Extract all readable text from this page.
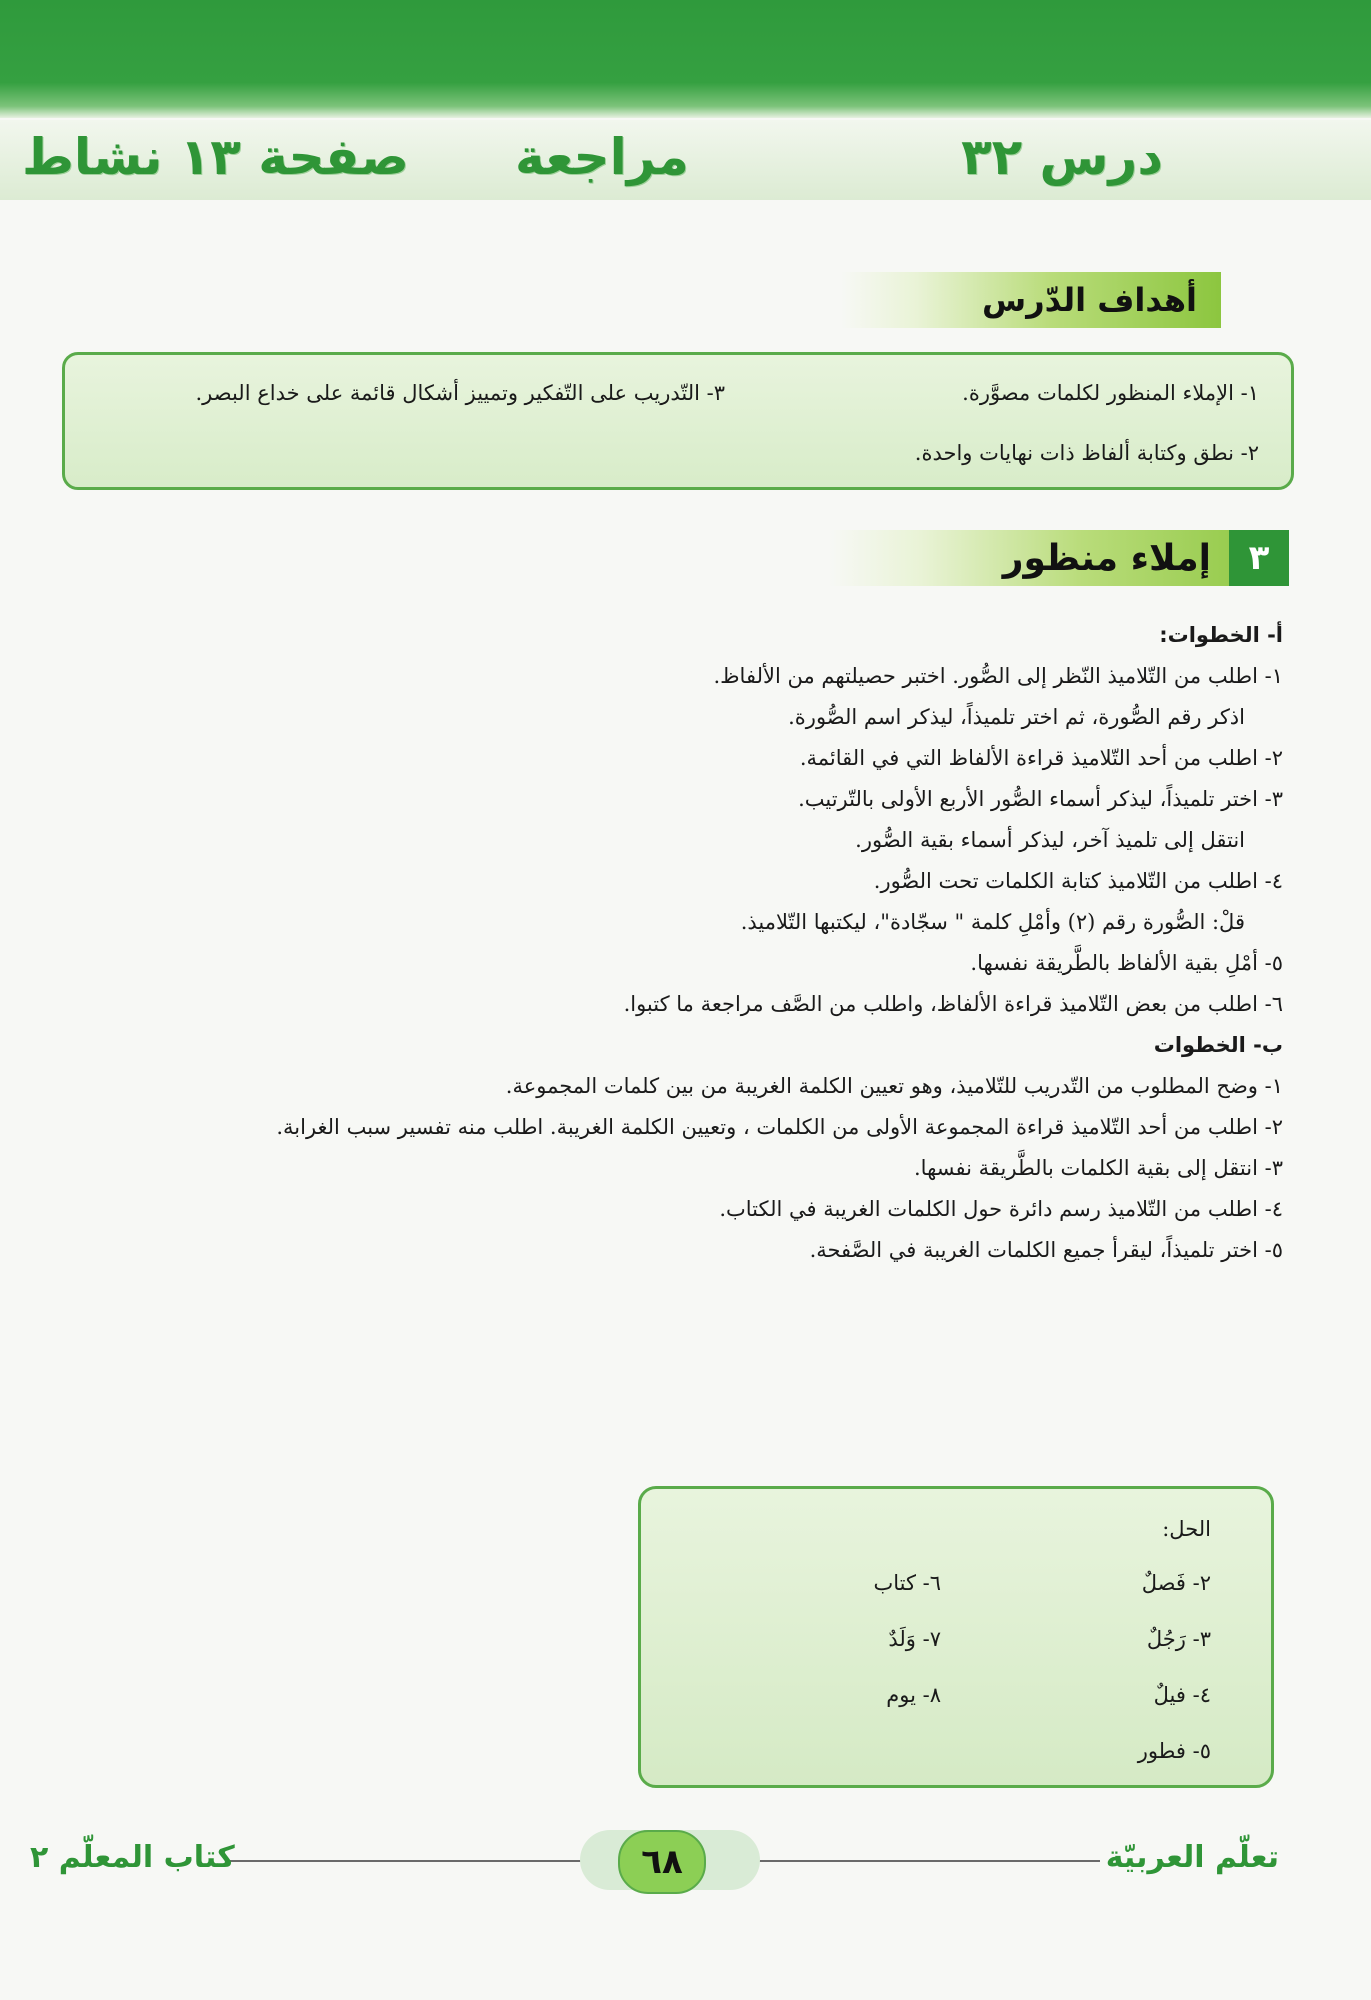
درس ٣٢
مراجعة
صفحة ١٣ نشاط
أهداف الدّرس
١- الإملاء المنظور لكلمات مصوَّرة.
٣- التّدريب على التّفكير وتمييز أشكال قائمة على خداع البصر.
٢- نطق وكتابة ألفاظ ذات نهايات واحدة.
٣
إملاء منظور
أ- الخطوات:
١- اطلب من التّلاميذ النّظر إلى الصُّور. اختبر حصيلتهم من الألفاظ.
اذكر رقم الصُّورة، ثم اختر تلميذاً، ليذكر اسم الصُّورة.
٢- اطلب من أحد التّلاميذ قراءة الألفاظ التي في القائمة.
٣- اختر تلميذاً، ليذكر أسماء الصُّور الأربع الأولى بالتّرتيب.
انتقل إلى تلميذ آخر، ليذكر أسماء بقية الصُّور.
٤- اطلب من التّلاميذ كتابة الكلمات تحت الصُّور.
قلْ: الصُّورة رقم (٢) وأمْلِ كلمة " سجّادة"، ليكتبها التّلاميذ.
٥- أمْلِ بقية الألفاظ بالطَّريقة نفسها.
٦- اطلب من بعض التّلاميذ قراءة الألفاظ، واطلب من الصَّف مراجعة ما كتبوا.
ب- الخطوات
١- وضح المطلوب من التّدريب للتّلاميذ، وهو تعيين الكلمة الغريبة من بين كلمات المجموعة.
٢- اطلب من أحد التّلاميذ قراءة المجموعة الأولى من الكلمات ، وتعيين الكلمة الغريبة. اطلب منه تفسير سبب الغرابة.
٣- انتقل إلى بقية الكلمات بالطَّريقة نفسها.
٤- اطلب من التّلاميذ رسم دائرة حول الكلمات الغريبة في الكتاب.
٥- اختر تلميذاً، ليقرأ جميع الكلمات الغريبة في الصَّفحة.
الحل:
٢- فَصلٌ
٣- رَجُلٌ
٤- فيلٌ
٥- فطور
٦- كتاب
٧- وَلَدٌ
٨- يوم
٦٨	تعلّم العربيّة
كتاب المعلّم ٢
